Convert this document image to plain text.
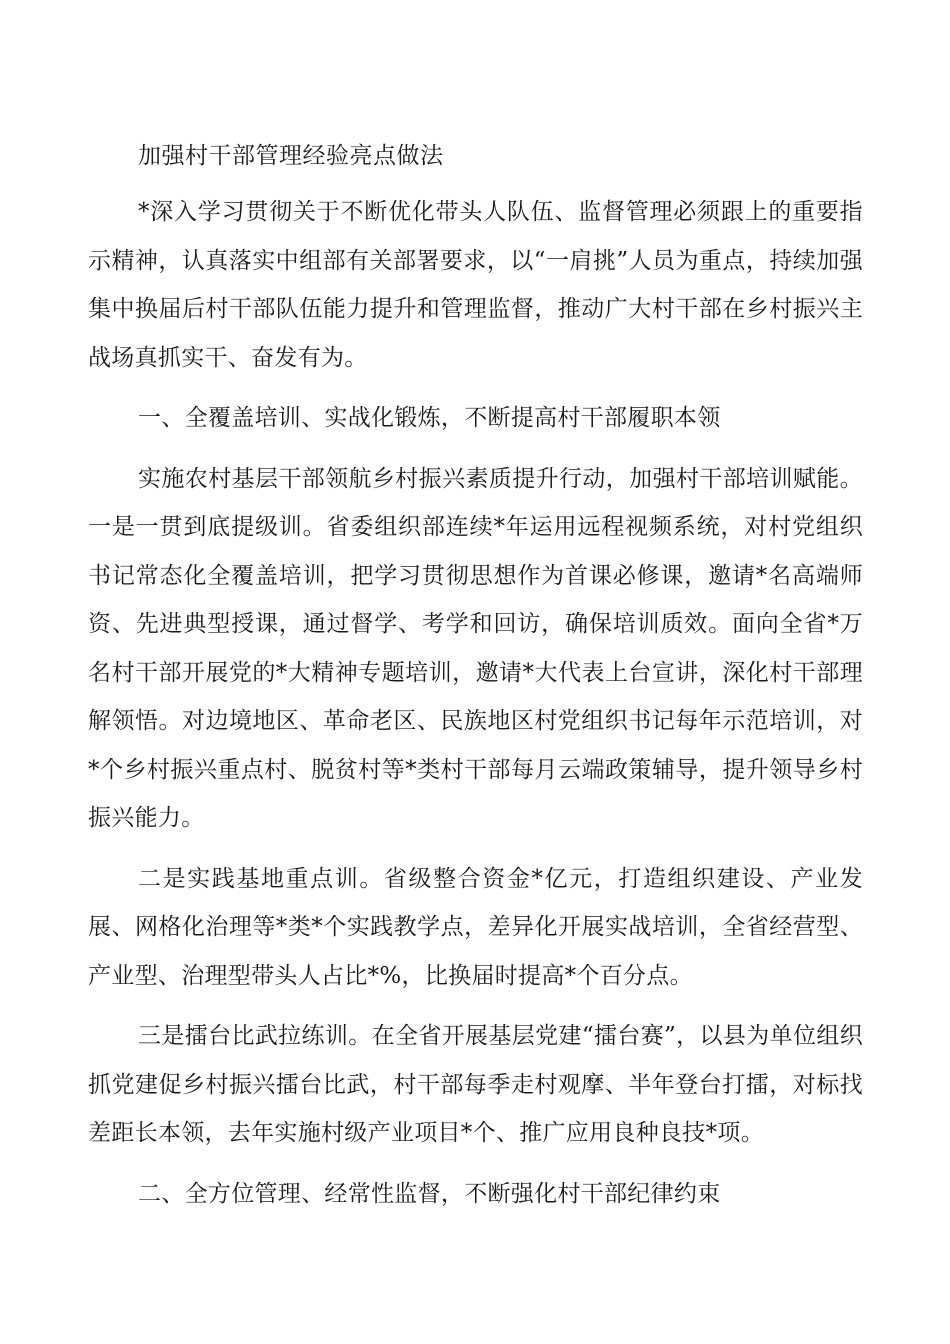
加强村干部管理经验亮点做法

*深入学习贯彻关于不断优化带头人队伍、监督管理必须跟上的重要指示精神，认真落实中组部有关部署要求，以“一肩挑”人员为重点，持续加强集中换届后村干部队伍能力提升和管理监督，推动广大村干部在乡村振兴主战场真抓实干、奋发有为。

一、全覆盖培训、实战化锻炼，不断提高村干部履职本领

实施农村基层干部领航乡村振兴素质提升行动，加强村干部培训赋能。一是一贯到底提级训。省委组织部连续*年运用远程视频系统，对村党组织书记常态化全覆盖培训，把学习贯彻思想作为首课必修课，邀请*名高端师资、先进典型授课，通过督学、考学和回访，确保培训质效。面向全省*万名村干部开展党的*大精神专题培训，邀请*大代表上台宣讲，深化村干部理解领悟。对边境地区、革命老区、民族地区村党组织书记每年示范培训，对*个乡村振兴重点村、脱贫村等*类村干部每月云端政策辅导，提升领导乡村振兴能力。

二是实践基地重点训。省级整合资金*亿元，打造组织建设、产业发展、网格化治理等*类*个实践教学点，差异化开展实战培训，全省经营型、产业型、治理型带头人占比*%，比换届时提高*个百分点。

三是擂台比武拉练训。在全省开展基层党建“擂台赛”，以县为单位组织抓党建促乡村振兴擂台比武，村干部每季走村观摩、半年登台打擂，对标找差距长本领，去年实施村级产业项目*个、推广应用良种良技*项。

二、全方位管理、经常性监督，不断强化村干部纪律约束
